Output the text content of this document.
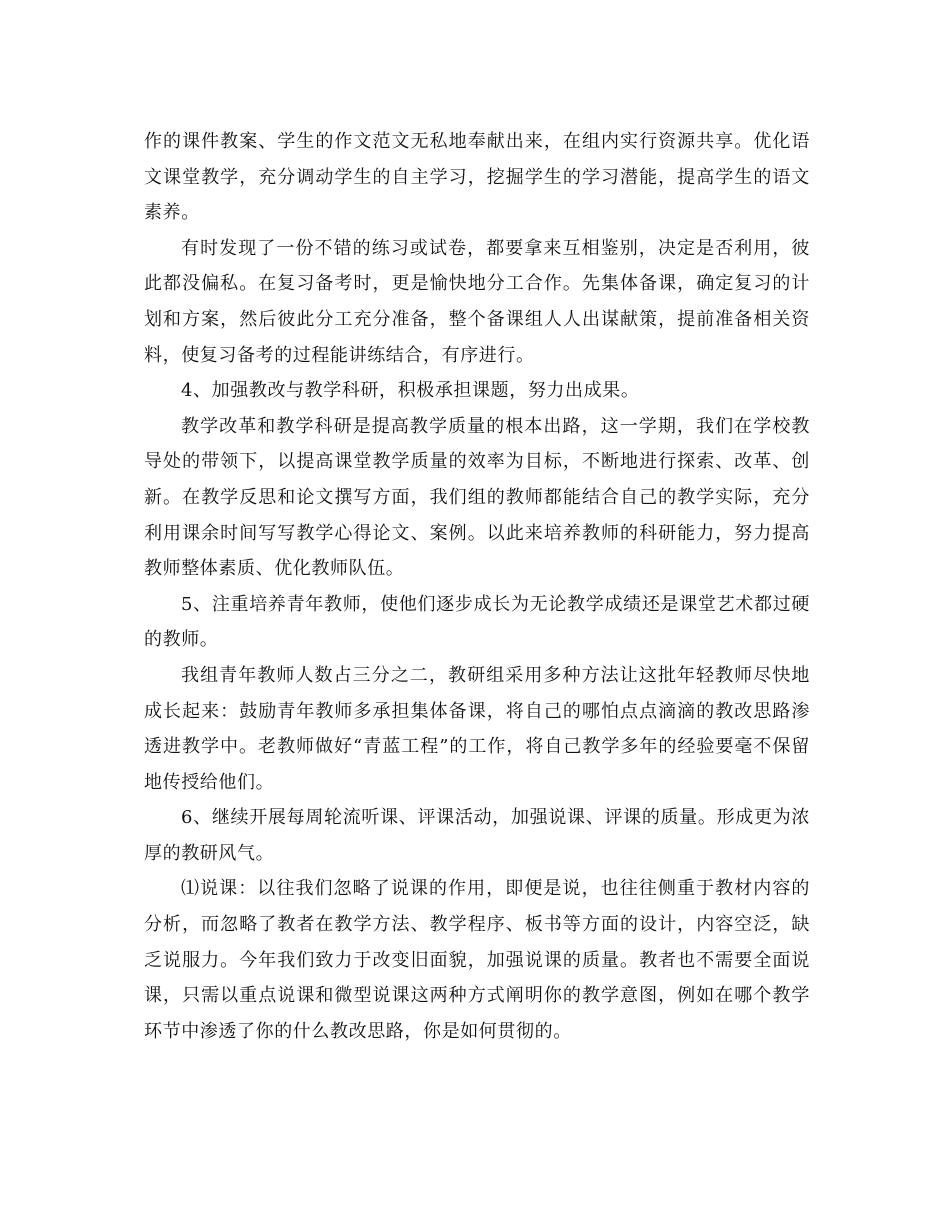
作的课件教案、学生的作文范文无私地奉献出来，在组内实行资源共享。优化语文课堂教学，充分调动学生的自主学习，挖掘学生的学习潜能，提高学生的语文素养。

有时发现了一份不错的练习或试卷，都要拿来互相鉴别，决定是否利用，彼此都没偏私。在复习备考时，更是愉快地分工合作。先集体备课，确定复习的计划和方案，然后彼此分工充分准备，整个备课组人人出谋献策，提前准备相关资料，使复习备考的过程能讲练结合，有序进行。

4、加强教改与教学科研，积极承担课题，努力出成果。

教学改革和教学科研是提高教学质量的根本出路，这一学期，我们在学校教导处的带领下，以提高课堂教学质量的效率为目标，不断地进行探索、改革、创新。在教学反思和论文撰写方面，我们组的教师都能结合自己的教学实际，充分利用课余时间写写教学心得论文、案例。以此来培养教师的科研能力，努力提高教师整体素质、优化教师队伍。

5、注重培养青年教师，使他们逐步成长为无论教学成绩还是课堂艺术都过硬的教师。

我组青年教师人数占三分之二，教研组采用多种方法让这批年轻教师尽快地成长起来：鼓励青年教师多承担集体备课，将自己的哪怕点点滴滴的教改思路渗透进教学中。老教师做好“青蓝工程”的工作，将自己教学多年的经验要毫不保留地传授给他们。

6、继续开展每周轮流听课、评课活动，加强说课、评课的质量。形成更为浓厚的教研风气。

⑴说课：以往我们忽略了说课的作用，即便是说，也往往侧重于教材内容的分析，而忽略了教者在教学方法、教学程序、板书等方面的设计，内容空泛，缺乏说服力。今年我们致力于改变旧面貌，加强说课的质量。教者也不需要全面说课，只需以重点说课和微型说课这两种方式阐明你的教学意图，例如在哪个教学环节中渗透了你的什么教改思路，你是如何贯彻的。
